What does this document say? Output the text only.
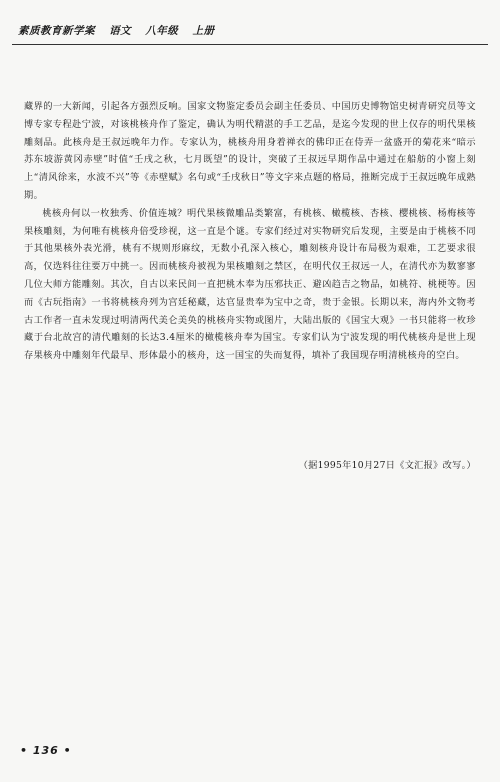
素质教育新学案 语文 八年级 上册

藏界的一大新闻，引起各方强烈反响。国家文物鉴定委员会副主任委员、中国历史博物馆史树青研究员等文博专家专程赴宁波，对该桃核舟作了鉴定，确认为明代精湛的手工艺品，是迄今发现的世上仅存的明代果核雕刻品。此核舟是王叔远晚年力作。专家认为，桃核舟用身着禅衣的佛印正在侍弄一盆盛开的菊花来“暗示苏东坡游黄冈赤壁”时值“壬戌之秋，七月既望”的设计，突破了王叔远早期作品中通过在船舫的小窗上刻上“清风徐来，水波不兴”等《赤壁赋》名句或“壬戌秋日”等文字来点题的格局，推断完成于王叔远晚年成熟期。

桃核舟何以一枚独秀、价值连城？明代果核微雕品类繁富，有桃核、橄榄核、杏核、樱桃核、杨梅核等果核雕刻，为何唯有桃核舟倍受珍视，这一直是个谜。专家们经过对实物研究后发现，主要是由于桃核不同于其他果核外表光滑，桃有不规则形麻纹，无数小孔深入核心，雕刻核舟设计布局极为艰难，工艺要求很高，仅选料往往要万中挑一。因而桃核舟被视为果核雕刻之禁区，在明代仅王叔远一人，在清代亦为数寥寥几位大师方能雕刻。其次，自古以来民间一直把桃木奉为压邪扶正、避凶趋吉之物品，如桃符、桃梗等。因而《古玩指南》一书将桃核舟列为宫廷秘藏，达官显贵奉为宝中之奇，贵于金银。长期以来，海内外文物考古工作者一直未发现过明清两代美仑美奂的桃核舟实物或图片，大陆出版的《国宝大观》一书只能将一枚珍藏于台北故宫的清代雕刻的长达3.4厘米的橄榄核舟奉为国宝。专家们认为宁波发现的明代桃核舟是世上现存果核舟中雕刻年代最早、形体最小的核舟，这一国宝的失而复得，填补了我国现存明清桃核舟的空白。

（据1995年10月27日《文汇报》改写。）
• 136 •
